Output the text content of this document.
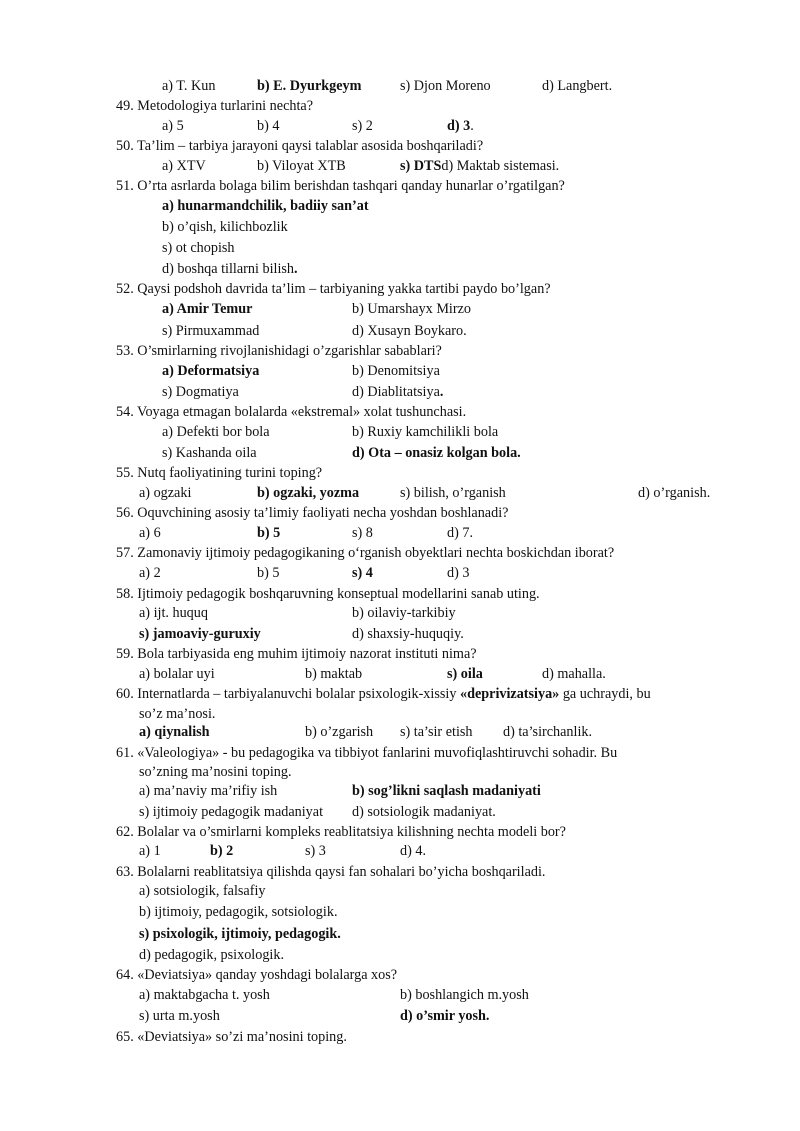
a) T. Kun	b) E. Dyurkgeym	s) Djon Moreno	d) Langbert.
49. Metodologiya turlarini nechta?
a) 5	b) 4	s) 2	d) 3.
50. Ta’lim – tarbiya jarayoni qaysi talablar asosida boshqariladi?
a) XTV	b) Viloyat XTB	s) DTSd) Maktab sistemasi.
51. O’rta asrlarda bolaga bilim berishdan tashqari qanday hunarlar o’rgatilgan?
a) hunarmandchilik, badiiy san’at
b) o’qish, kilichbozlik
s) ot chopish
d) boshqa tillarni bilish.
52. Qaysi podshoh davrida ta’lim – tarbiyaning yakka tartibi paydo bo’lgan?
a) Amir Temur	b) Umarshayx Mirzo
s) Pirmuxammad	d) Xusayn Boykaro.
53. O’smirlarning rivojlanishidagi o’zgarishlar sabablari?
a) Deformatsiya	b) Denomitsiya
s) Dogmatiya	d) Diablitatsiya.
54. Voyaga etmagan bolalarda «ekstremal» xolat tushunchasi.
a) Defekti bor bola	b) Ruxiy kamchilikli bola
s) Kashanda oila	d) Ota – onasiz kolgan bola.
55. Nutq faoliyatining turini toping?
a) ogzaki	b) ogzaki, yozma	s) bilish, o’rganish	d) o’rganish.
56. Oquvchining asosiy ta’limiy faoliyati necha yoshdan boshlanadi?
a) 6	b) 5	s) 8	d) 7.
57. Zamonaviy ijtimoiy pedagogikaning o‘rganish obyektlari nechta boskichdan iborat?
a) 2	b) 5	s) 4	d) 3
58. Ijtimoiy pedagogik boshqaruvning konseptual modellarini sanab uting.
a) ijt. huquq	b) oilaviy-tarkibiy
s) jamoaviy-guruxiy	d) shaxsiy-huquqiy.
59. Bola tarbiyasida eng muhim ijtimoiy nazorat instituti nima?
a) bolalar uyi	b) maktab	s) oila	d) mahalla.
60. Internatlarda – tarbiyalanuvchi bolalar psixologik-xissiy «deprivizatsiya» ga uchraydi, bu
so’z ma’nosi.
a) qiynalish	b) o’zgarish s) ta’sir etish d) ta’sirchanlik.
61. «Valeologiya» - bu pedagogika va tibbiyot fanlarini muvofiqlashtiruvchi sohadir. Bu
so’zning ma’nosini toping.
a) ma’naviy ma’rifiy ish	b) sog’likni saqlash madaniyati
s) ijtimoiy pedagogik madaniyat d) sotsiologik madaniyat.
62. Bolalar va o’smirlarni kompleks reablitatsiya kilishning nechta modeli bor?
a) 1	b) 2	s) 3	d) 4.
63. Bolalarni reablitatsiya qilishda qaysi fan sohalari bo’yicha boshqariladi.
a) sotsiologik, falsafiy
b) ijtimoiy, pedagogik, sotsiologik.
s) psixologik, ijtimoiy, pedagogik.
d) pedagogik, psixologik.
64. «Deviatsiya» qanday yoshdagi bolalarga xos?
a) maktabgacha t. yosh	b) boshlangich m.yosh
s) urta m.yosh	d) o’smir yosh.
65. «Deviatsiya» so’zi ma’nosini toping.
